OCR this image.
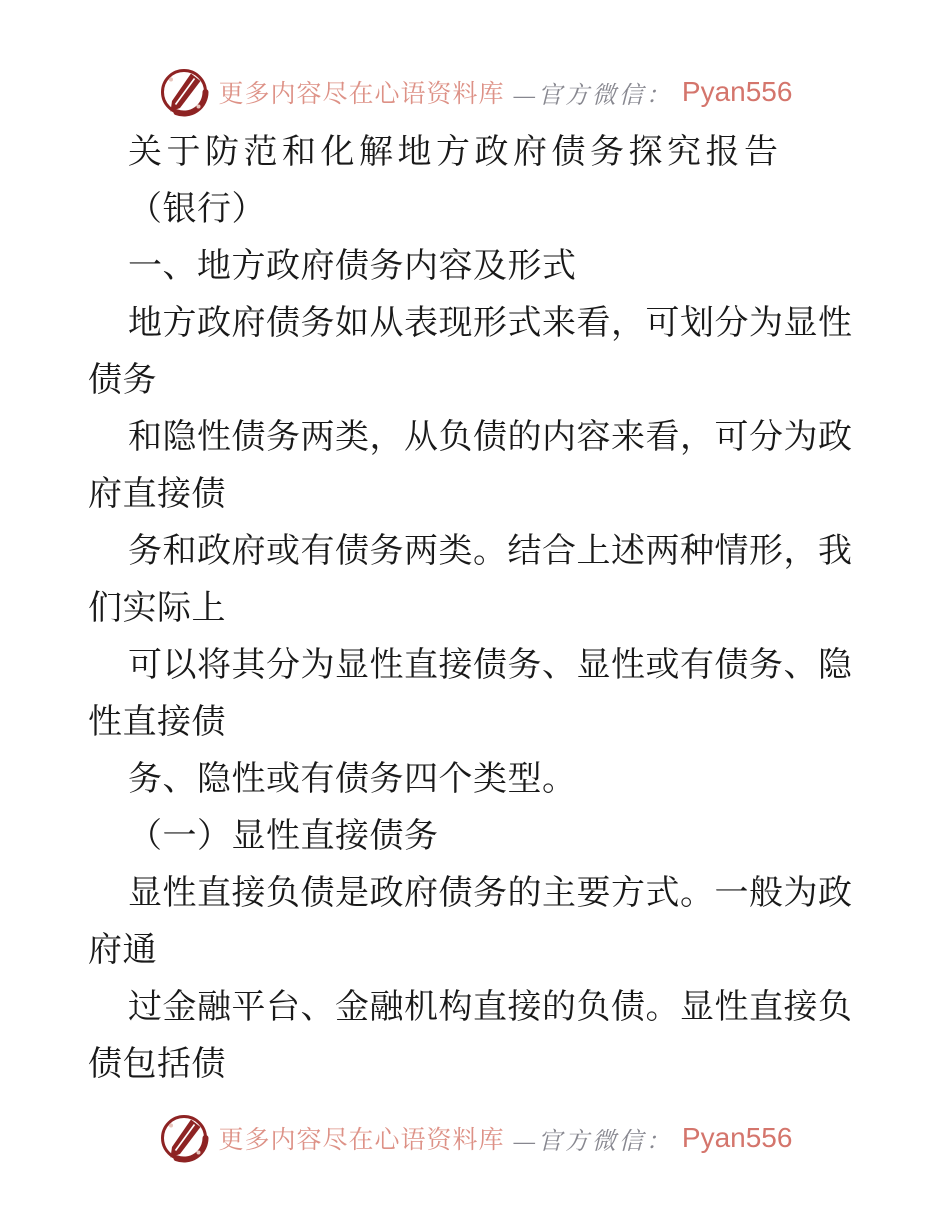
更多内容尽在心语资料库 —官方微信： Pyan556
关于防范和化解地方政府债务探究报告
（银行）
一、地方政府债务内容及形式
地方政府债务如从表现形式来看，可划分为显性
债务
和隐性债务两类，从负债的内容来看，可分为政
府直接债
务和政府或有债务两类。结合上述两种情形，我
们实际上
可以将其分为显性直接债务、显性或有债务、隐
性直接债
务、隐性或有债务四个类型。
（一）显性直接债务
显性直接负债是政府债务的主要方式。一般为政
府通
过金融平台、金融机构直接的负债。显性直接负
债包括债
更多内容尽在心语资料库 —官方微信： Pyan556
